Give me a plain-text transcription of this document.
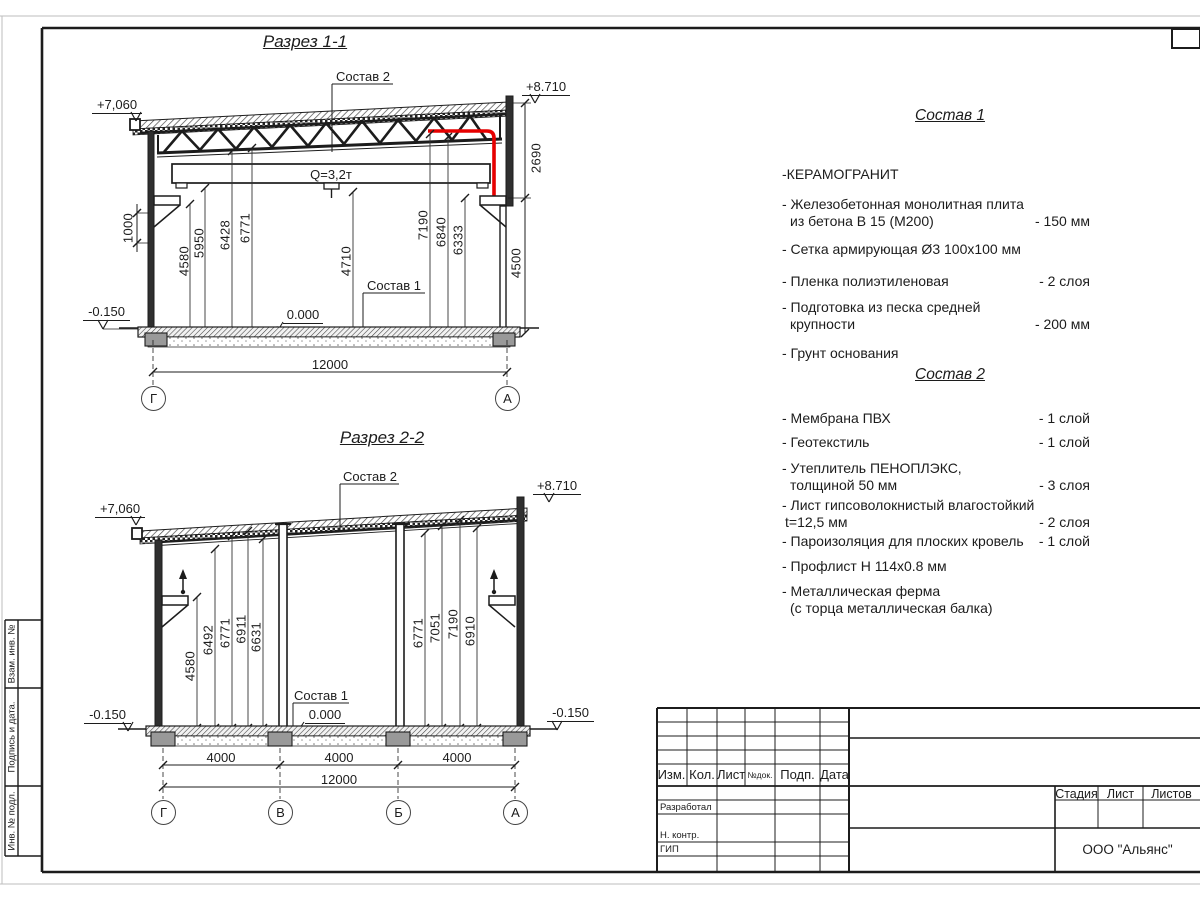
Разрез 1-1
Состав 2
+8.710
+7,060
2690
4500
1000
Q=3,2т
4580
5950 6428 6771
4710
7190 6840 6333
Состав 1
0.000
-0.150
12000
Г	А
Разрез 2-2
Состав 2
+8.710
+7,060
4580
6492 6771 6911 6631	6771 7051 7190 6910
Состав 1
0.000
-0.150	-0.150
4000	4000	4000
12000
Г	В	Б	А
Состав 1
-КЕРАМОГРАНИТ
- Железобетонная монолитная плита
из бетона В 15 (М200)	- 150 мм
- Сетка армирующая Ø3 100х100 мм
- Пленка полиэтиленовая	- 2 слоя
- Подготовка из песка средней
крупности	- 200 мм
- Грунт основания
Состав 2
- Мембрана ПВХ	- 1 слой
- Геотекстиль	- 1 слой
- Утеплитель ПЕНОПЛЭКС,
толщиной 50 мм	- 3 слоя
- Лист гипсоволокнистый влагостойкий
t=12,5 мм	- 2 слоя
- Пароизоляция для плоских кровель	- 1 слой
- Профлист Н 114х0.8 мм
- Металлическая ферма
(с торца металлическая балка)
Изм. Кол. Лист №док. Подп. Дата
Разработал
Н. контр.
ГИП
Стадия Лист	Листов
ООО "Альянс"
Взам. инв. №
Подпись и дата.
Инв. № подл.
